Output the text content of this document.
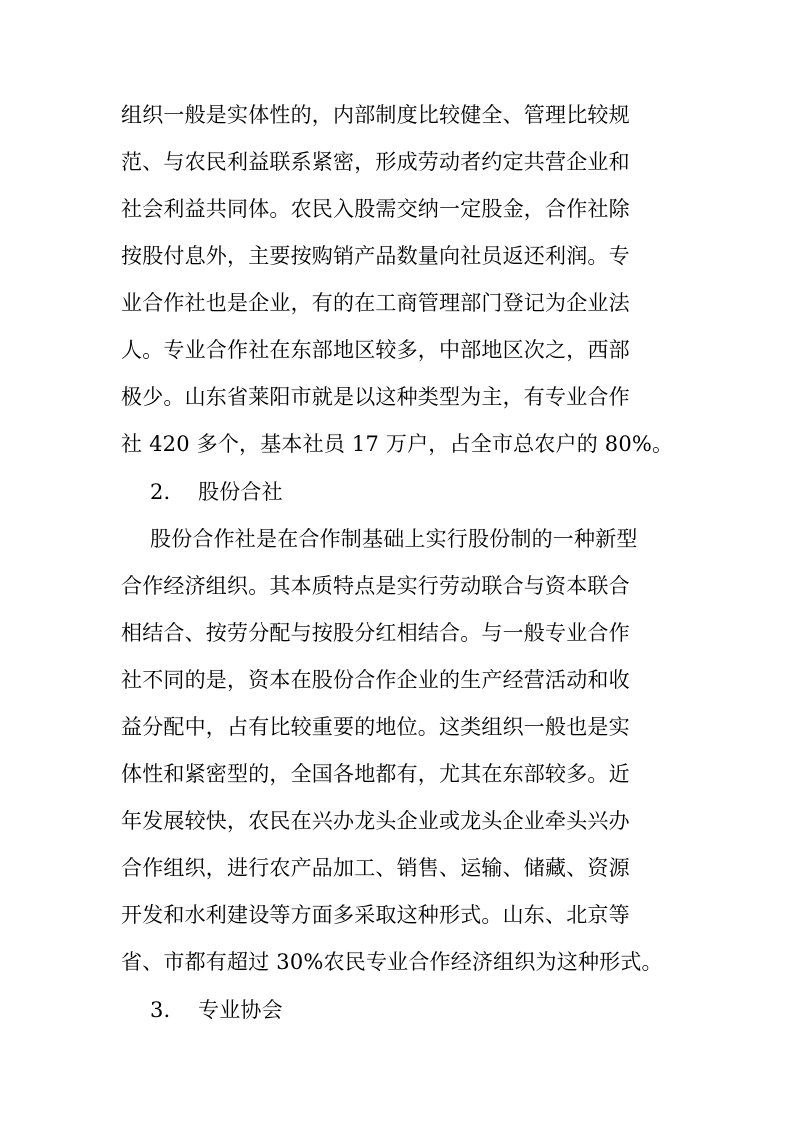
组织一般是实体性的，内部制度比较健全、管理比较规
范、与农民利益联系紧密，形成劳动者约定共营企业和
社会利益共同体。农民入股需交纳一定股金，合作社除
按股付息外，主要按购销产品数量向社员返还利润。专
业合作社也是企业，有的在工商管理部门登记为企业法
人。专业合作社在东部地区较多，中部地区次之，西部
极少。山东省莱阳市就是以这种类型为主，有专业合作
社 420 多个，基本社员 17 万户，占全市总农户的 80%。
2. 股份合社
股份合作社是在合作制基础上实行股份制的一种新型
合作经济组织。其本质特点是实行劳动联合与资本联合
相结合、按劳分配与按股分红相结合。与一般专业合作
社不同的是，资本在股份合作企业的生产经营活动和收
益分配中，占有比较重要的地位。这类组织一般也是实
体性和紧密型的，全国各地都有，尤其在东部较多。近
年发展较快，农民在兴办龙头企业或龙头企业牵头兴办
合作组织，进行农产品加工、销售、运输、储藏、资源
开发和水利建设等方面多采取这种形式。山东、北京等
省、市都有超过 30%农民专业合作经济组织为这种形式。
3. 专业协会
